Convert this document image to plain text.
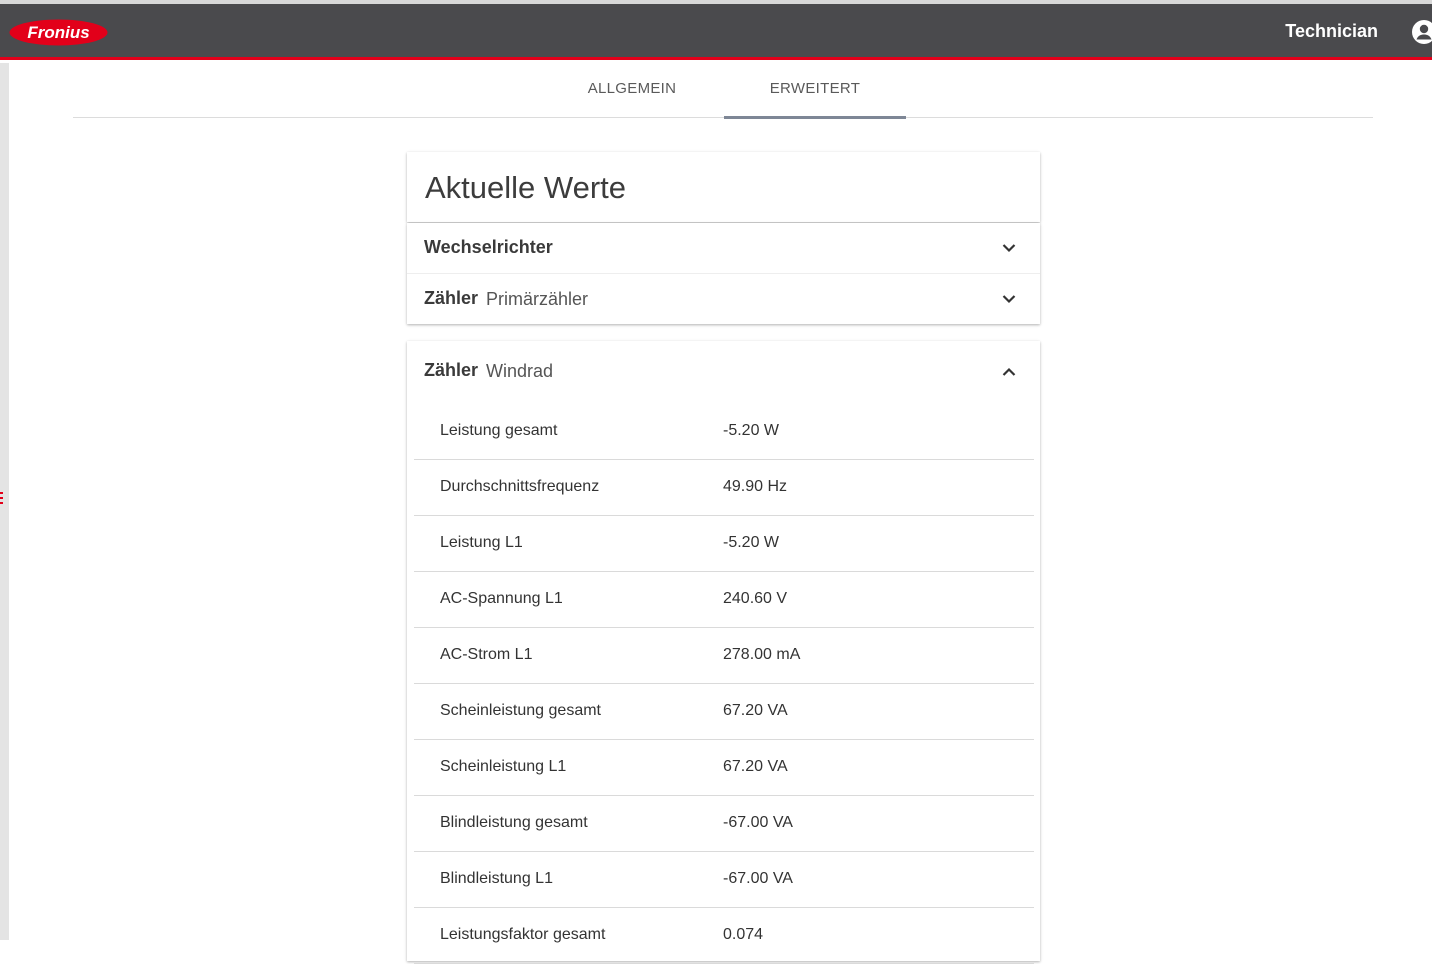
Fronius	Technician
ALLGEMEIN	ERWEITERT
Aktuelle Werte
Wechselrichter
Zähler Primärzähler
Zähler Windrad
Leistung gesamt	-5.20 W
Durchschnittsfrequenz	49.90 Hz
Leistung L1	-5.20 W
AC-Spannung L1	240.60 V
AC-Strom L1	278.00 mA
Scheinleistung gesamt	67.20 VA
Scheinleistung L1	67.20 VA
Blindleistung gesamt	-67.00 VA
Blindleistung L1	-67.00 VA
Leistungsfaktor gesamt	0.074
